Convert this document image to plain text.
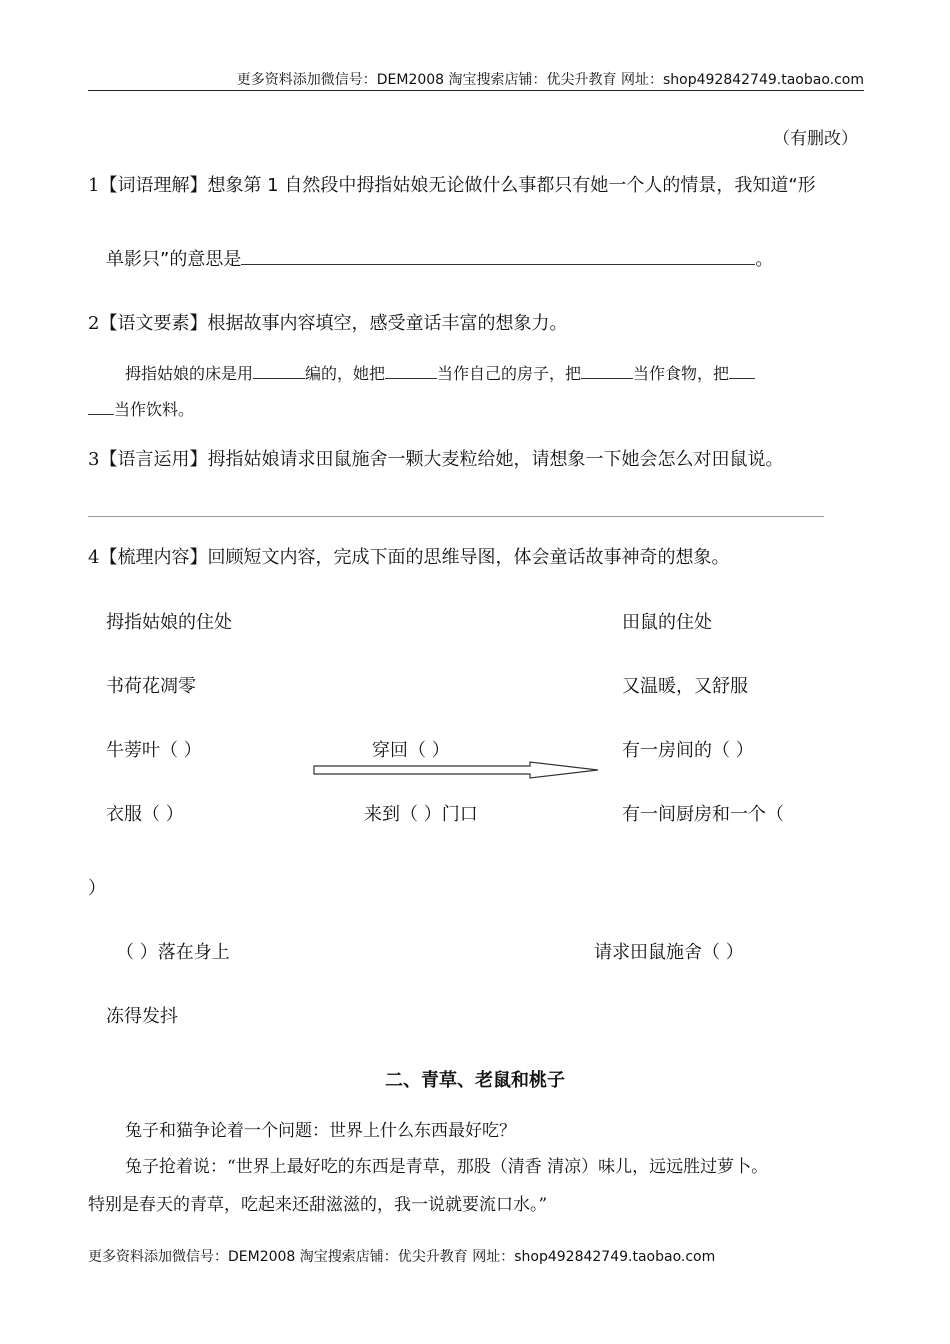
更多资料添加微信号：DEM2008 淘宝搜索店铺：优尖升教育 网址：shop492842749.taobao.com
（有删改）
1【词语理解】想象第 1 自然段中拇指姑娘无论做什么事都只有她一个人的情景，我知道“形
单影只”的意思是	。
2【语文要素】根据故事内容填空，感受童话丰富的想象力。
拇指姑娘的床是用	编的，她把	当作自己的房子，把	当作食物，把
当作饮料。
3【语言运用】拇指姑娘请求田鼠施舍一颗大麦粒给她，请想象一下她会怎么对田鼠说。
4【梳理内容】回顾短文内容，完成下面的思维导图，体会童话故事神奇的想象。
拇指姑娘的住处	田鼠的住处
书荷花凋零	又温暖，又舒服
牛蒡叶（ ）	穿回（ ）	有一房间的（ ）
衣服（ ）	来到（ ）门口	有一间厨房和一个（
）
（ ）落在身上	请求田鼠施舍（ ）
冻得发抖
二、青草、老鼠和桃子
兔子和猫争论着一个问题：世界上什么东西最好吃？
兔子抢着说：“世界上最好吃的东西是青草，那股（清香 清凉）味儿，远远胜过萝卜。
特别是春天的青草，吃起来还甜滋滋的，我一说就要流口水。”
更多资料添加微信号：DEM2008 淘宝搜索店铺：优尖升教育 网址：shop492842749.taobao.com
